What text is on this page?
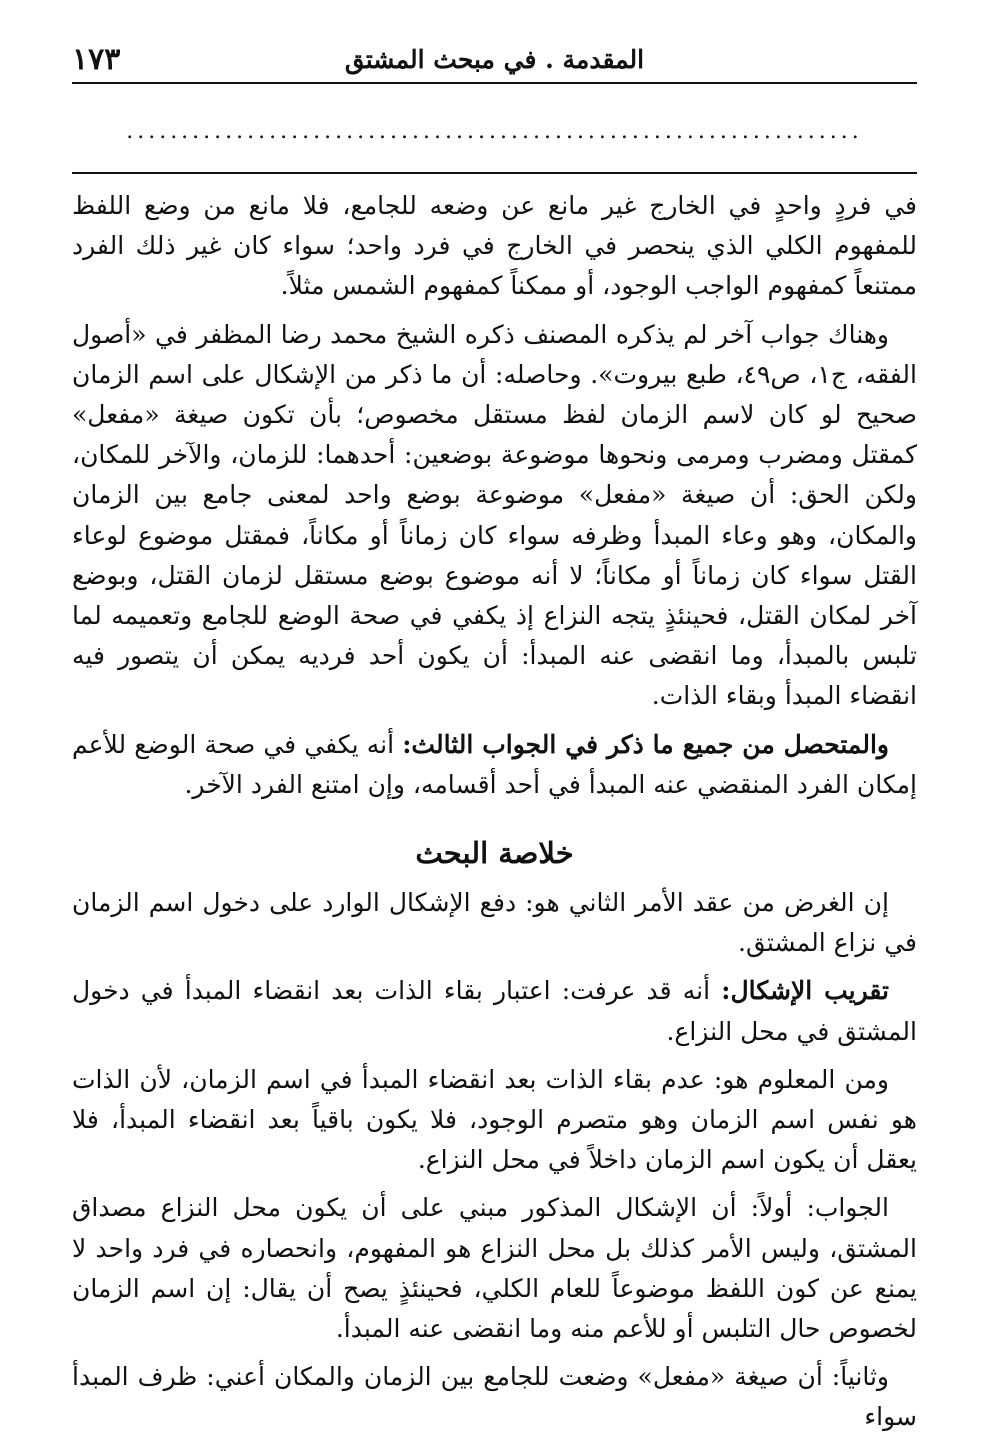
المقدمة . في مبحث المشتق
١٧٣
...................................................................

في فردٍ واحدٍ في الخارج غير مانع عن وضعه للجامع، فلا مانع من وضع اللفظ للمفهوم الكلي الذي ينحصر في الخارج في فرد واحد؛ سواء كان غير ذلك الفرد ممتنعاً كمفهوم الواجب الوجود، أو ممكناً كمفهوم الشمس مثلاً.

وهناك جواب آخر لم يذكره المصنف ذكره الشيخ محمد رضا المظفر في «أصول الفقه، ج١، ص٤٩، طبع بيروت». وحاصله: أن ما ذكر من الإشكال على اسم الزمان صحيح لو كان لاسم الزمان لفظ مستقل مخصوص؛ بأن تكون صيغة «مفعل» كمقتل ومضرب ومرمى ونحوها موضوعة بوضعين: أحدهما: للزمان، والآخر للمكان، ولكن الحق: أن صيغة «مفعل» موضوعة بوضع واحد لمعنى جامع بين الزمان والمكان، وهو وعاء المبدأ وظرفه سواء كان زماناً أو مكاناً، فمقتل موضوع لوعاء القتل سواء كان زماناً أو مكاناً؛ لا أنه موضوع بوضع مستقل لزمان القتل، وبوضع آخر لمكان القتل، فحينئذٍ يتجه النزاع إذ يكفي في صحة الوضع للجامع وتعميمه لما تلبس بالمبدأ، وما انقضى عنه المبدأ: أن يكون أحد فرديه يمكن أن يتصور فيه انقضاء المبدأ وبقاء الذات.

والمتحصل من جميع ما ذكر في الجواب الثالث: أنه يكفي في صحة الوضع للأعم إمكان الفرد المنقضي عنه المبدأ في أحد أقسامه، وإن امتنع الفرد الآخر.

خلاصة البحث

إن الغرض من عقد الأمر الثاني هو: دفع الإشكال الوارد على دخول اسم الزمان في نزاع المشتق.

تقريب الإشكال: أنه قد عرفت: اعتبار بقاء الذات بعد انقضاء المبدأ في دخول المشتق في محل النزاع.

ومن المعلوم هو: عدم بقاء الذات بعد انقضاء المبدأ في اسم الزمان، لأن الذات هو نفس اسم الزمان وهو متصرم الوجود، فلا يكون باقياً بعد انقضاء المبدأ، فلا يعقل أن يكون اسم الزمان داخلاً في محل النزاع.

الجواب: أولاً: أن الإشكال المذكور مبني على أن يكون محل النزاع مصداق المشتق، وليس الأمر كذلك بل محل النزاع هو المفهوم، وانحصاره في فرد واحد لا يمنع عن كون اللفظ موضوعاً للعام الكلي، فحينئذٍ يصح أن يقال: إن اسم الزمان لخصوص حال التلبس أو للأعم منه وما انقضى عنه المبدأ.

وثانياً: أن صيغة «مفعل» وضعت للجامع بين الزمان والمكان أعني: ظرف المبدأ سواء
